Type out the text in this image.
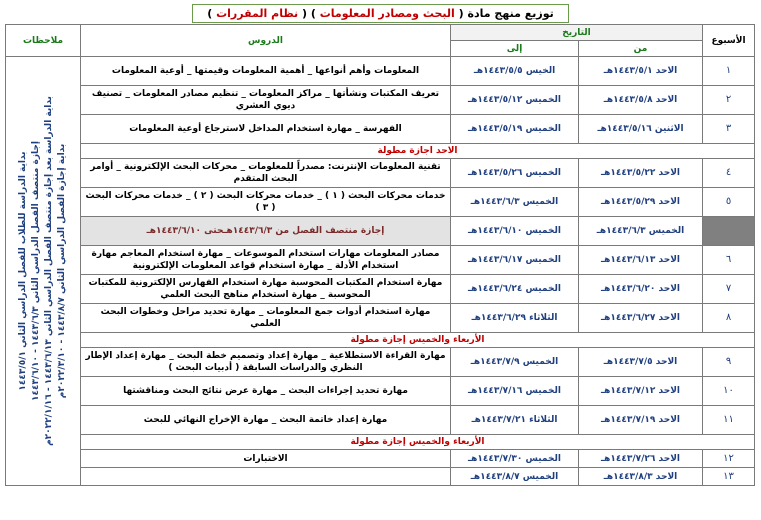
توزيع منهج مادة ( البحث ومصادر المعلومات ) ( نظام المقررات )
الأسبوع	التاريخ		الدروس	ملاحظات
	من	إلى		
١	الاحد ١٤٤٣/٥/١هـ	الخيس ١٤٤٣/٥/٥هـ	المعلومات وأهم أنواعها _ أهمية المعلومات وقيمتها _ أوعية المعلومات	بداية الدراسة للطلاب للفصل الدراسي الثاني ١٤٤٣/٥/١
إجازة منتصف الفصل الدراسي الثاني ١٤٤٣/٦/٣ - ١٤٤٣/٦/١٠
بداية الدراسة بعد إجازة منتصف الفصل الدراسي الثاني ١٤٤٣/٦/١٣ - ٢٠٢٢/١/١٦م
بداية إجازة الفصل الدراسي الثاني ١٤٤٣/٨/٧ - ٢٠٢٢/٣/١٠م

٢	الاحد ١٤٤٣/٥/٨هـ	الخميس ١٤٤٣/٥/١٢هـ	تعريف المكتبات ونشأتها _ مراكز المعلومات _ تنظيم مصادر المعلومات _ تصنيف ديوي العشري	
٣	الاثنين ١٤٤٣/٥/١٦هـ	الخميس ١٤٤٣/٥/١٩هـ	الفهرسة _ مهارة استخدام المداخل لاسترجاع أوعية المعلومات	
الاحد اجازة مطولة				
٤	الاحد ١٤٤٣/٥/٢٢هـ	الخميس ١٤٤٣/٥/٢٦هـ	تقنية المعلومات الإنترنت: مصدراً للمعلومات _ محركات البحث الإلكترونية _ أوامر البحث المتقدم	
٥	الاحد ١٤٤٣/٥/٢٩هـ	الخميس ١٤٤٣/٦/٣هـ	خدمات محركات البحث ( ١ ) _ خدمات محركات البحث ( ٢ ) _ خدمات محركات البحث ( ٣ )	
	الخميس ١٤٤٣/٦/٣هـ	الخميس ١٤٤٣/٦/١٠هـ	إجازة منتصف الفصل من ١٤٤٣/٦/٣هـحتى ١٤٤٣/٦/١٠هـ	
٦	الاحد ١٤٤٣/٦/١٣هـ	الخميس ١٤٤٣/٦/١٧هـ	مصادر المعلومات مهارات استخدام الموسوعات _ مهارة استخدام المعاجم مهارة استخدام الأدلة _ مهارة استخدام قواعد المعلومات الإلكترونية	
٧	الاحد ١٤٤٣/٦/٢٠هـ	الخميس ١٤٤٣/٦/٢٤هـ	مهارة استخدام المكتبات المحوسبة مهارة استخدام الفهارس الإلكترونية للمكتبات المحوسبة _ مهارة استخدام مناهج البحث العلمي	
٨	الاحد ١٤٤٣/٦/٢٧هـ	الثلاثاء ١٤٤٣/٦/٢٩هـ	مهارة استخدام أدوات جمع المعلومات _ مهارة تحديد مراحل وخطوات البحث العلمي	
الأربعاء والخميس إجازة مطولة				
٩	الاحد ١٤٤٣/٧/٥هـ	الخميس ١٤٤٣/٧/٩هـ	مهارة القراءة الاستطلاعية _ مهارة إعداد وتصميم خطة البحث _ مهارة إعداد الإطار النظري والدراسات السابقة ( أدبيات البحث )	
١٠	الاحد ١٤٤٣/٧/١٢هـ	الخميس ١٤٤٣/٧/١٦هـ	مهارة تحديد إجراءات البحث _ مهارة عرض نتائج البحث ومناقشتها	
١١	الاحد ١٤٤٣/٧/١٩هـ	الثلاثاء ١٤٤٣/٧/٢١هـ	مهارة إعداد خاتمة البحث _ مهارة الإخراج النهائي للبحث	
الأربعاء والخميس إجازة مطولة				
١٢	الاحد ١٤٤٣/٧/٢٦هـ	الخميس ١٤٤٣/٧/٣٠هـ	الاختبارات	
١٣	الاحد ١٤٤٣/٨/٣هـ	الخميس ١٤٤٣/٨/٧هـ		
